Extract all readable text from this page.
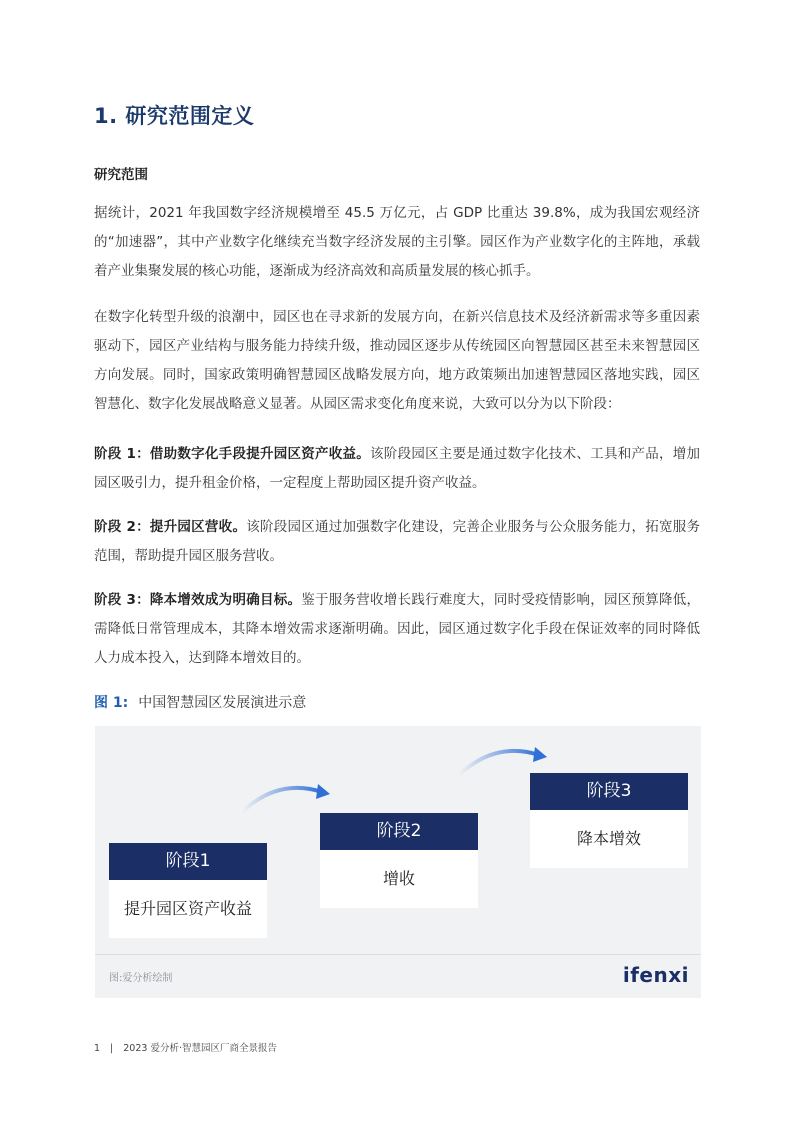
1. 研究范围定义
研究范围
据统计，2021 年我国数字经济规模增至 45.5 万亿元，占 GDP 比重达 39.8%，成为我国宏观经济的“加速器”，其中产业数字化继续充当数字经济发展的主引擎。园区作为产业数字化的主阵地，承载着产业集聚发展的核心功能，逐渐成为经济高效和高质量发展的核心抓手。
在数字化转型升级的浪潮中，园区也在寻求新的发展方向，在新兴信息技术及经济新需求等多重因素驱动下，园区产业结构与服务能力持续升级，推动园区逐步从传统园区向智慧园区甚至未来智慧园区方向发展。同时，国家政策明确智慧园区战略发展方向，地方政策频出加速智慧园区落地实践，园区智慧化、数字化发展战略意义显著。从园区需求变化角度来说，大致可以分为以下阶段：
阶段 1：借助数字化手段提升园区资产收益。该阶段园区主要是通过数字化技术、工具和产品，增加园区吸引力，提升租金价格，一定程度上帮助园区提升资产收益。
阶段 2：提升园区营收。该阶段园区通过加强数字化建设，完善企业服务与公众服务能力，拓宽服务范围，帮助提升园区服务营收。
阶段 3：降本增效成为明确目标。鉴于服务营收增长践行难度大，同时受疫情影响，园区预算降低，需降低日常管理成本，其降本增效需求逐渐明确。因此，园区通过数字化手段在保证效率的同时降低人力成本投入，达到降本增效目的。
图 1: 中国智慧园区发展演进示意
阶段1
提升园区资产收益
阶段2
增收
阶段3
降本增效
图:爱分析绘制	ifenxi
1 | 2023 爱分析·智慧园区厂商全景报告
